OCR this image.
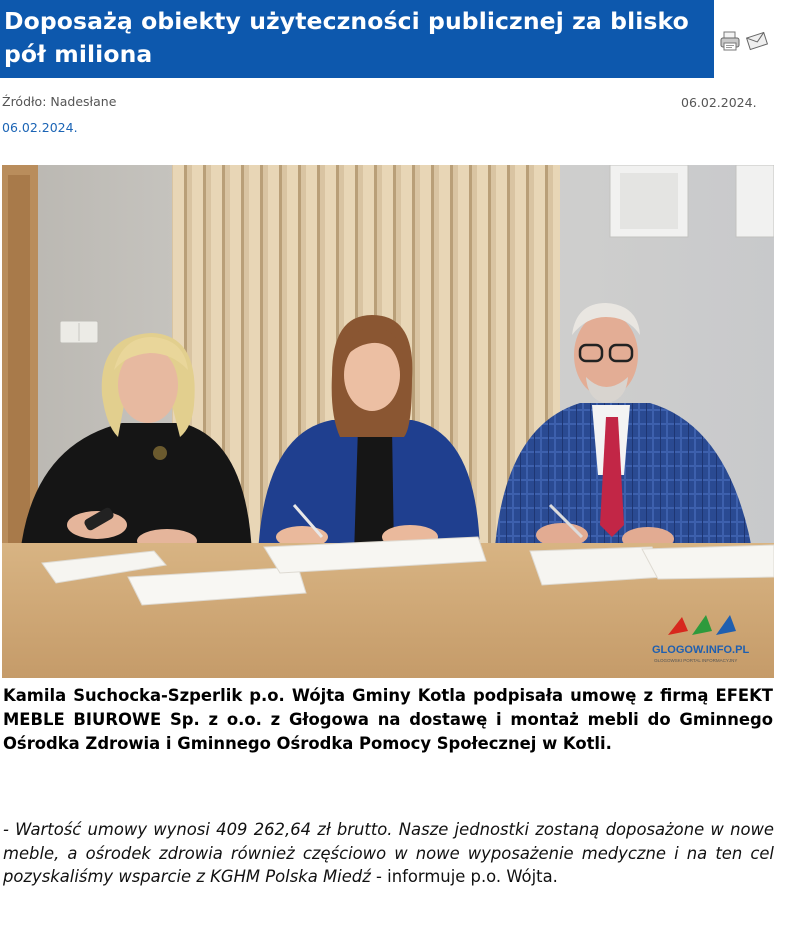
Doposażą obiekty użyteczności publicznej za blisko pół miliona
Źródło: Nadesłane	06.02.2024.
06.02.2024.
GLOGOW.INFO.PL
GŁOGOWSKI PORTAL INFORMACYJNY

Kamila Suchocka-Szperlik p.o. Wójta Gminy Kotla podpisała umowę z firmą EFEKT MEBLE BIUROWE Sp. z o.o. z Głogowa na dostawę i montaż mebli do Gminnego Ośrodka Zdrowia i Gminnego Ośrodka Pomocy Społecznej w Kotli.

- Wartość umowy wynosi 409 262,64 zł brutto. Nasze jednostki zostaną doposażone w nowe meble, a ośrodek zdrowia również częściowo w nowe wyposażenie medyczne i na ten cel pozyskaliśmy wsparcie z KGHM Polska Miedź - informuje p.o. Wójta.
